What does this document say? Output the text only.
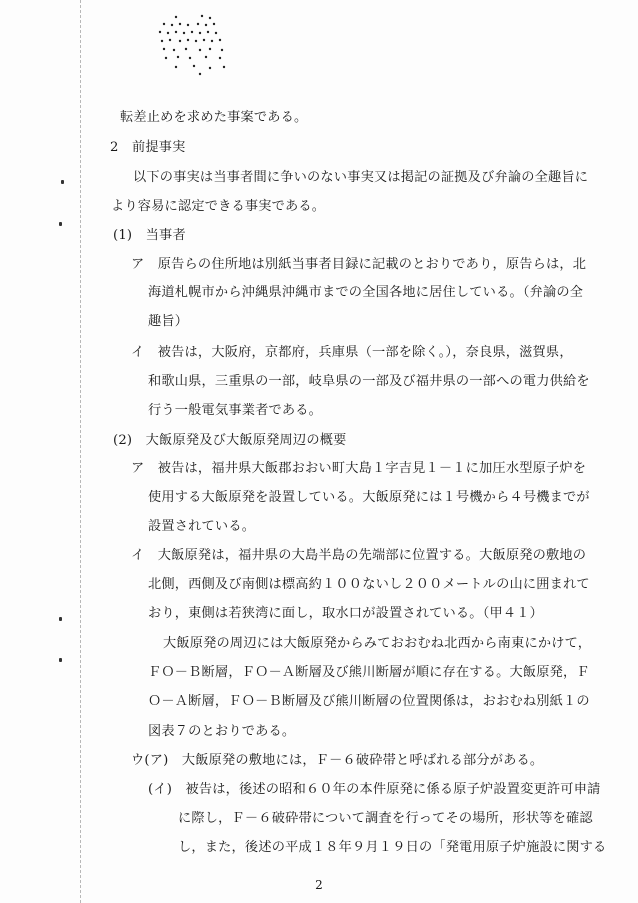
転差止めを求めた事案である。
2　前提事実
以下の事実は当事者間に争いのない事実又は掲記の証拠及び弁論の全趣旨に
より容易に認定できる事実である。
(1)　当事者
ア　原告らの住所地は別紙当事者目録に記載のとおりであり，原告らは，北
海道札幌市から沖縄県沖縄市までの全国各地に居住している。（弁論の全
趣旨）
イ　被告は，大阪府，京都府，兵庫県（一部を除く。），奈良県，滋賀県，
和歌山県，三重県の一部，岐阜県の一部及び福井県の一部への電力供給を
行う一般電気事業者である。
(2)　大飯原発及び大飯原発周辺の概要
ア　被告は，福井県大飯郡おおい町大島１字吉見１－１に加圧水型原子炉を
使用する大飯原発を設置している。大飯原発には１号機から４号機までが
設置されている。
イ　大飯原発は，福井県の大島半島の先端部に位置する。大飯原発の敷地の
北側，西側及び南側は標高約１００ないし２００メートルの山に囲まれて
おり，東側は若狭湾に面し，取水口が設置されている。（甲４１）
大飯原発の周辺には大飯原発からみておおむね北西から南東にかけて，
ＦＯ－Ｂ断層，ＦＯ－Ａ断層及び熊川断層が順に存在する。大飯原発，Ｆ
Ｏ－Ａ断層，ＦＯ－Ｂ断層及び熊川断層の位置関係は，おおむね別紙１の
図表７のとおりである。
ウ(ア)　大飯原発の敷地には，Ｆ－６破砕帯と呼ばれる部分がある。
(イ)　被告は，後述の昭和６０年の本件原発に係る原子炉設置変更許可申請
に際し，Ｆ－６破砕帯について調査を行ってその場所，形状等を確認
し，また，後述の平成１８年９月１９日の「発電用原子炉施設に関する
2
